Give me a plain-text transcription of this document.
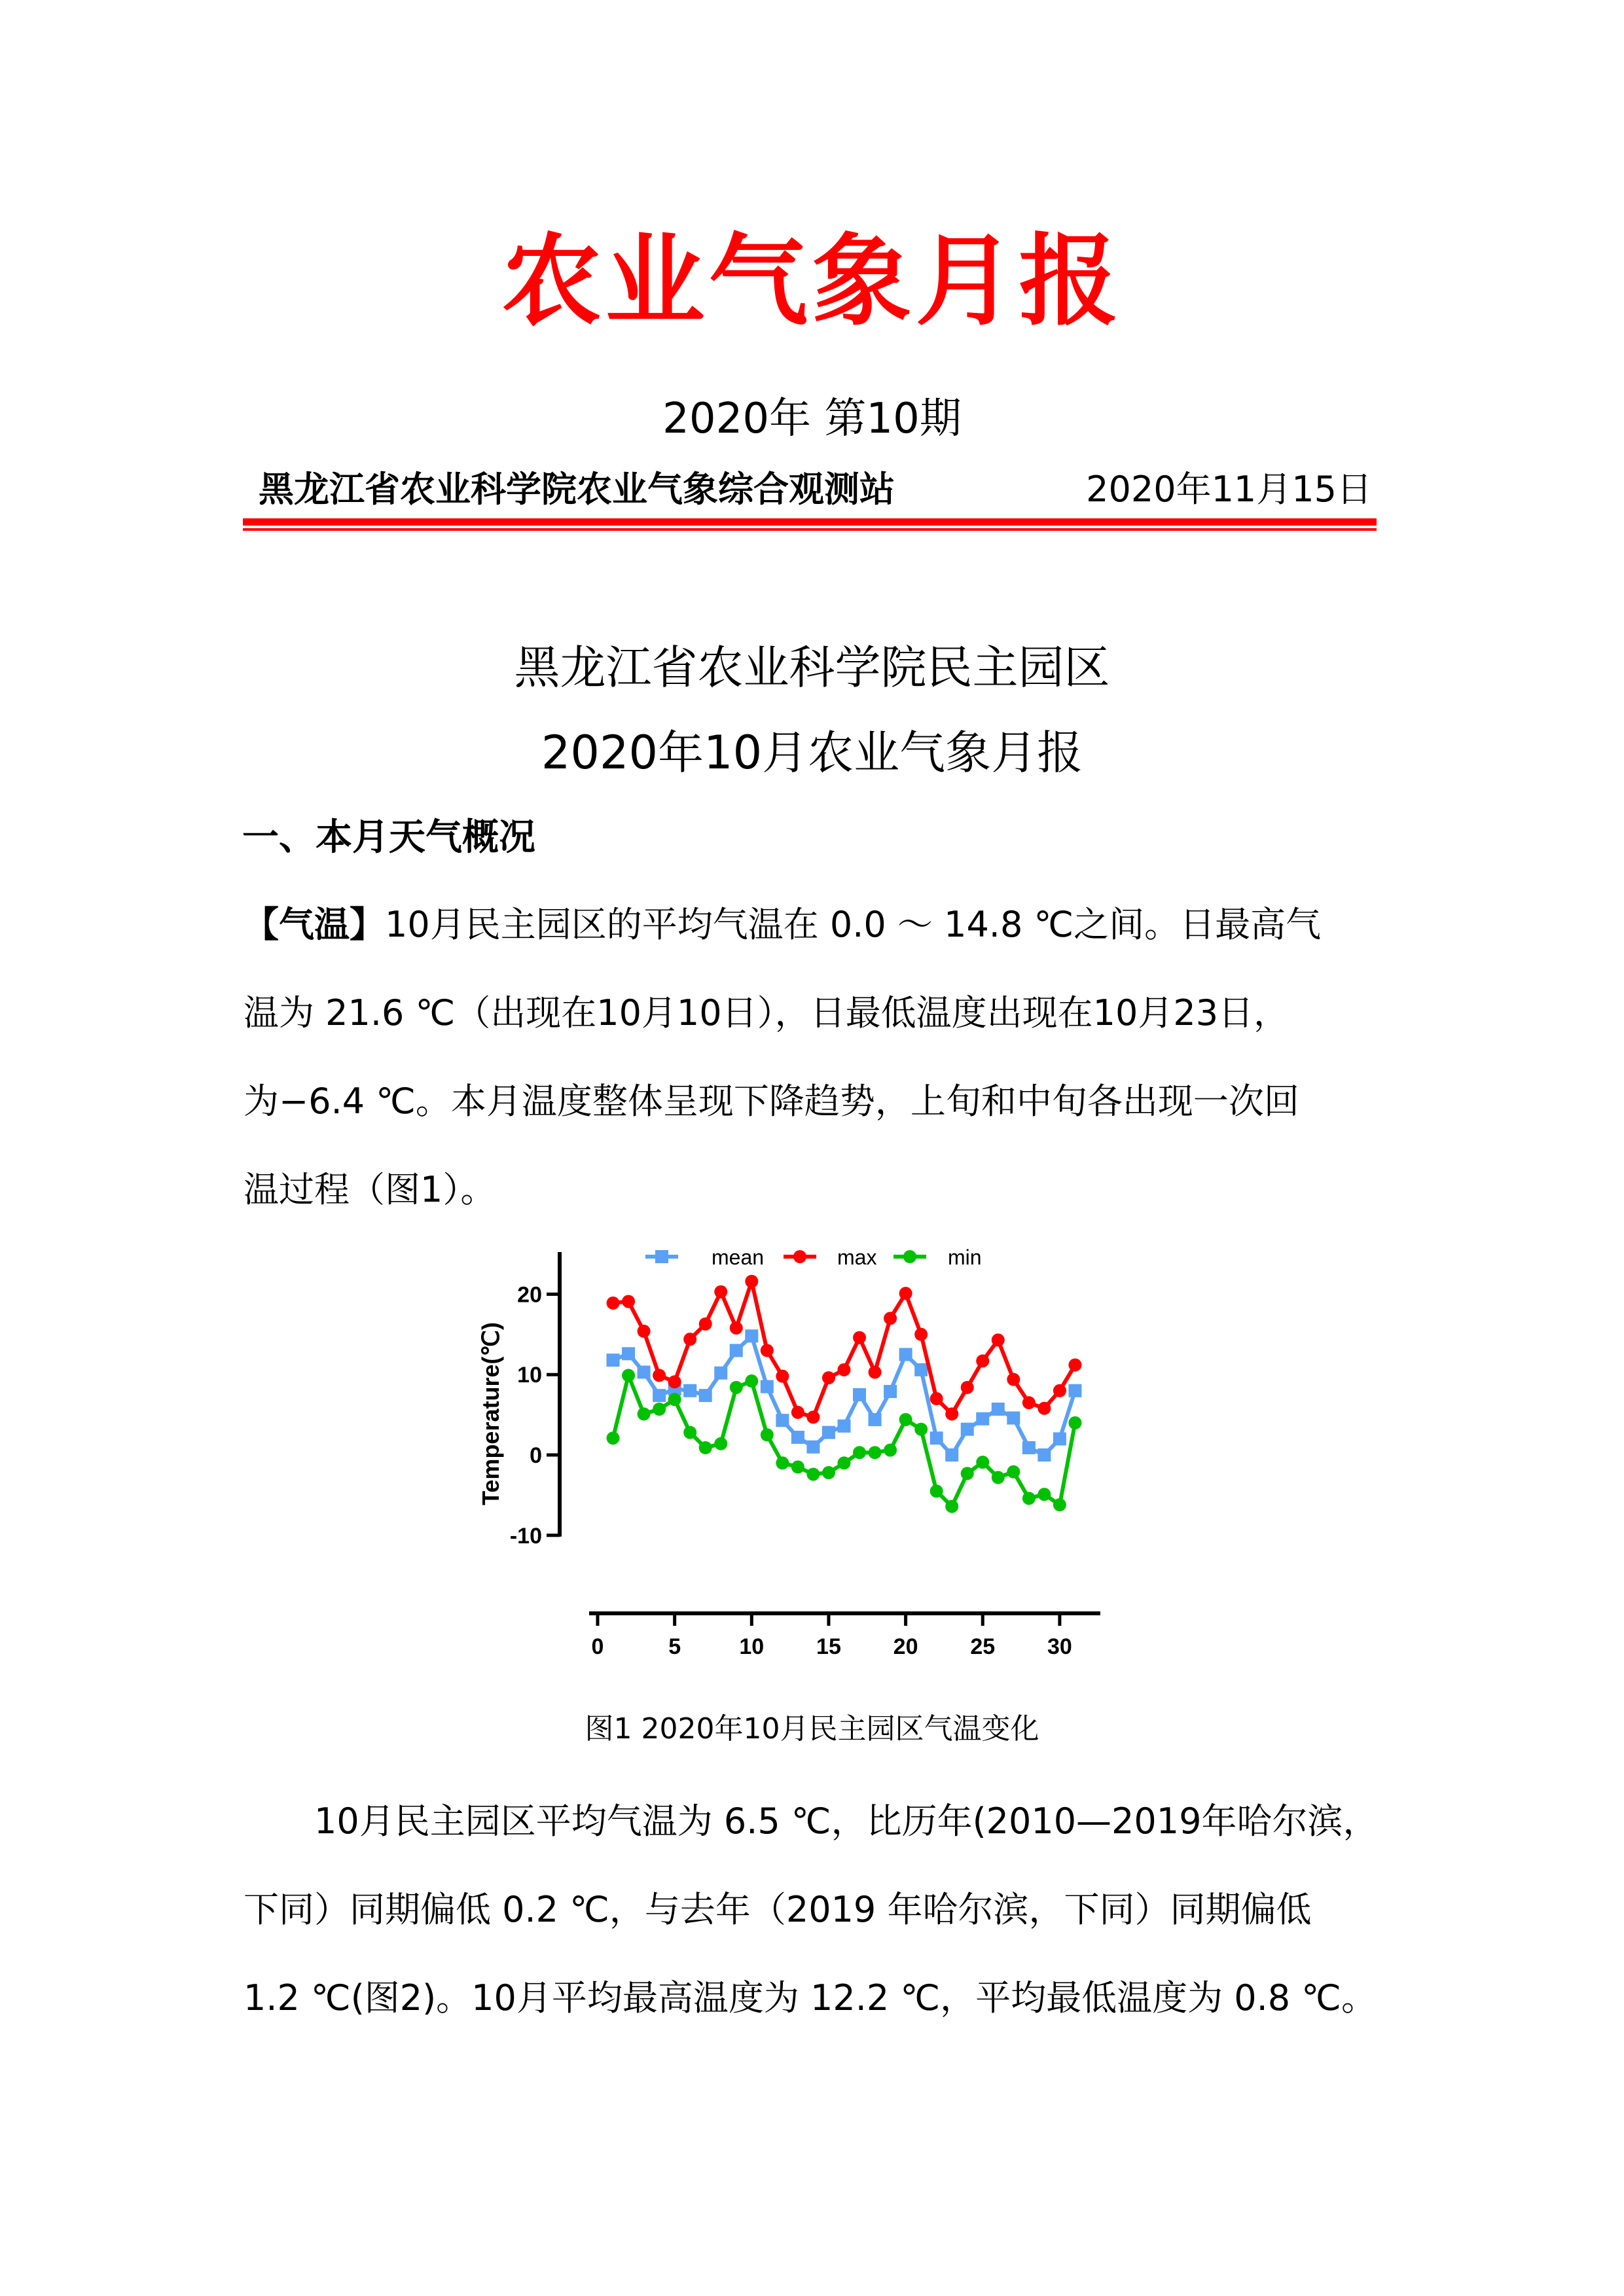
农业气象月报
2020年 第10期
黑龙江省农业科学院农业气象综合观测站	2020年11月15日
黑龙江省农业科学院民主园区
2020年10月农业气象月报
一、本月天气概况
【气温】10月民主园区的平均气温在 0.0 ～ 14.8 ℃之间。日最高气
温为 21.6 ℃（出现在10月10日），日最低温度出现在10月23日，
为−6.4 ℃。本月温度整体呈现下降趋势，上旬和中旬各出现一次回
温过程（图1）。
-10
0
10
20
Temperature(℃)
0	5	10 15 20 25 30
mean	max	min
图1 2020年10月民主园区气温变化
　　10月民主园区平均气温为 6.5 ℃，比历年(2010—2019年哈尔滨，
下同）同期偏低 0.2 ℃，与去年（2019 年哈尔滨，下同）同期偏低
1.2 ℃(图2)。10月平均最高温度为 12.2 ℃，平均最低温度为 0.8 ℃。
